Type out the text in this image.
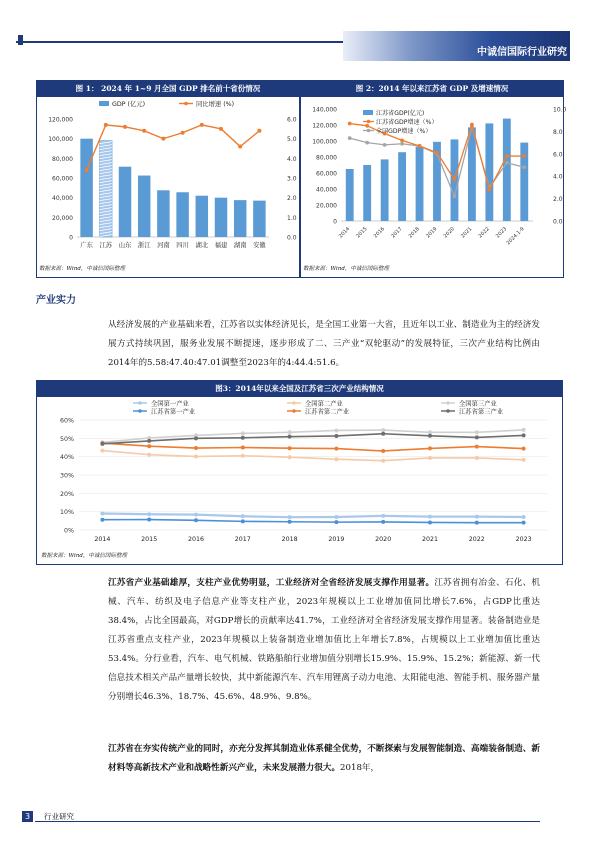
中诚信国际行业研究
图 1： 2024 年 1~9 月全国 GDP 排名前十省份情况
0
20,000
40,000
60,000
80,000
100,000
120,000
0.0
1.0
2.0
3.0
4.0
5.0
6.0
广东 江苏 山东 浙江 河南 四川 湖北 福建 湖南 安徽
GDP (亿元)	同比增速 (%)
数据来源：Wind，中诚信国际整理
图 2：2014 年以来江苏省 GDP 及增速情况
0
20,000
40,000
60,000
80,000
100,000
120,000
140,000
0.0
2.0
4.0
6.0
8.0
10.0
2014 2015 2016 2017 2018 2019 2020 2021 2022 2023
2024.1-9
江苏省GDP(亿元)
江苏省GDP增速（%）
全国GDP增速（%）
数据来源：Wind，中诚信国际整理
产业实力
从经济发展的产业基础来看，江苏省以实体经济见长，是全国工业第一大省，且近年以工业、制造业为主的经济发展方式持续巩固，服务业发展不断提速，逐步形成了二、三产业“双轮驱动”的发展特征，三次产业结构比例由2014年的5.58:47.40:47.01调整至2023年的4:44.4:51.6。
图3：2014年以来全国及江苏省三次产业结构情况
0%
10%
20%
30%
40%
50%
60%
2014	2015	2016	2017	2018	2019	2020	2021	2022	2023
全国第一产业	全国第二产业	全国第三产业
江苏省第一产业	江苏省第二产业	江苏省第三产业
数据来源：Wind，中诚信国际整理
江苏省产业基础雄厚，支柱产业优势明显，工业经济对全省经济发展支撑作用显著。江苏省拥有冶金、石化、机械、汽车、纺织及电子信息产业等支柱产业，2023年规模以上工业增加值同比增长7.6%，占GDP比重达38.4%，占比全国最高，对GDP增长的贡献率达41.7%，工业经济对全省经济发展支撑作用显著。装备制造业是江苏省重点支柱产业，2023年规模以上装备制造业增加值比上年增长7.8%，占规模以上工业增加值比重达53.4%。分行业看，汽车、电气机械、铁路船舶行业增加值分别增长15.9%、15.9%、15.2%；新能源、新一代信息技术相关产品产量增长较快，其中新能源汽车、汽车用锂离子动力电池、太阳能电池、智能手机、服务器产量分别增长46.3%、18.7%、45.6%、48.9%、9.8%。
江苏省在夯实传统产业的同时，亦充分发挥其制造业体系健全优势，不断探索与发展智能制造、高端装备制造、新材料等高新技术产业和战略性新兴产业，未来发展潜力很大。2018年，
3	行业研究
